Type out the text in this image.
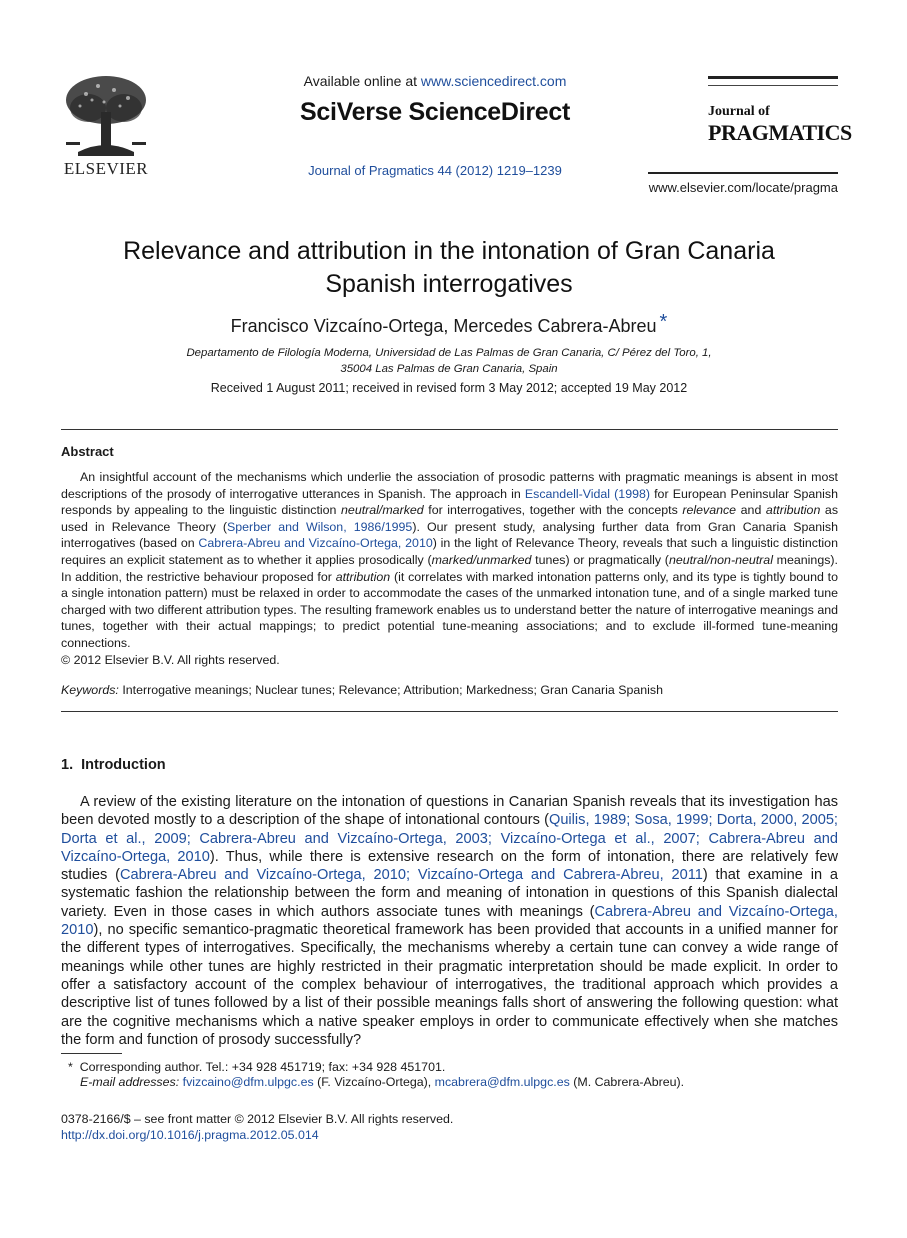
ELSEVIER
Available online at www.sciencedirect.com
SciVerse ScienceDirect
Journal of Pragmatics 44 (2012) 1219–1239
Journal of
PRAGMATICS
www.elsevier.com/locate/pragma
Relevance and attribution in the intonation of Gran Canaria
Spanish interrogatives
Francisco Vizcaíno-Ortega, Mercedes Cabrera-Abreu *
Departamento de Filología Moderna, Universidad de Las Palmas de Gran Canaria, C/ Pérez del Toro, 1,
35004 Las Palmas de Gran Canaria, Spain
Received 1 August 2011; received in revised form 3 May 2012; accepted 19 May 2012
Abstract

An insightful account of the mechanisms which underlie the association of prosodic patterns with pragmatic meanings is absent in most descriptions of the prosody of interrogative utterances in Spanish. The approach in Escandell-Vidal (1998) for European Peninsular Spanish responds by appealing to the linguistic distinction neutral/marked for interrogatives, together with the concepts relevance and attribution as used in Relevance Theory (Sperber and Wilson, 1986/1995). Our present study, analysing further data from Gran Canaria Spanish interrogatives (based on Cabrera-Abreu and Vizcaíno-Ortega, 2010) in the light of Relevance Theory, reveals that such a linguistic distinction requires an explicit statement as to whether it applies prosodically (marked/unmarked tunes) or pragmatically (neutral/non-neutral meanings). In addition, the restrictive behaviour proposed for attribution (it correlates with marked intonation patterns only, and its type is tightly bound to a single intonation pattern) must be relaxed in order to accommodate the cases of the unmarked intonation tune, and of a single marked tune charged with two different attribution types. The resulting framework enables us to understand better the nature of interrogative meanings and tunes, together with their actual mappings; to predict potential tune-meaning associations; and to exclude ill-formed tune-meaning connections.

© 2012 Elsevier B.V. All rights reserved.
Keywords: Interrogative meanings; Nuclear tunes; Relevance; Attribution; Markedness; Gran Canaria Spanish
1. Introduction

A review of the existing literature on the intonation of questions in Canarian Spanish reveals that its investigation has been devoted mostly to a description of the shape of intonational contours (Quilis, 1989; Sosa, 1999; Dorta, 2000, 2005; Dorta et al., 2009; Cabrera-Abreu and Vizcaíno-Ortega, 2003; Vizcaíno-Ortega et al., 2007; Cabrera-Abreu and Vizcaíno-Ortega, 2010). Thus, while there is extensive research on the form of intonation, there are relatively few studies (Cabrera-Abreu and Vizcaíno-Ortega, 2010; Vizcaíno-Ortega and Cabrera-Abreu, 2011) that examine in a systematic fashion the relationship between the form and meaning of intonation in questions of this Spanish dialectal variety. Even in those cases in which authors associate tunes with meanings (Cabrera-Abreu and Vizcaíno-Ortega, 2010), no specific semantico-pragmatic theoretical framework has been provided that accounts in a unified manner for the different types of interrogatives. Specifically, the mechanisms whereby a certain tune can convey a wide range of meanings while other tunes are highly restricted in their pragmatic interpretation should be made explicit. In order to offer a satisfactory account of the complex behaviour of interrogatives, the traditional approach which provides a descriptive list of tunes followed by a list of their possible meanings falls short of answering the following question: what are the cognitive mechanisms which a native speaker employs in order to communicate effectively when she matches the form and function of prosody successfully?

* Corresponding author. Tel.: +34 928 451719; fax: +34 928 451701.
E-mail addresses: fvizcaino@dfm.ulpgc.es (F. Vizcaíno-Ortega), mcabrera@dfm.ulpgc.es (M. Cabrera-Abreu).
0378-2166/$ – see front matter © 2012 Elsevier B.V. All rights reserved.
http://dx.doi.org/10.1016/j.pragma.2012.05.014
